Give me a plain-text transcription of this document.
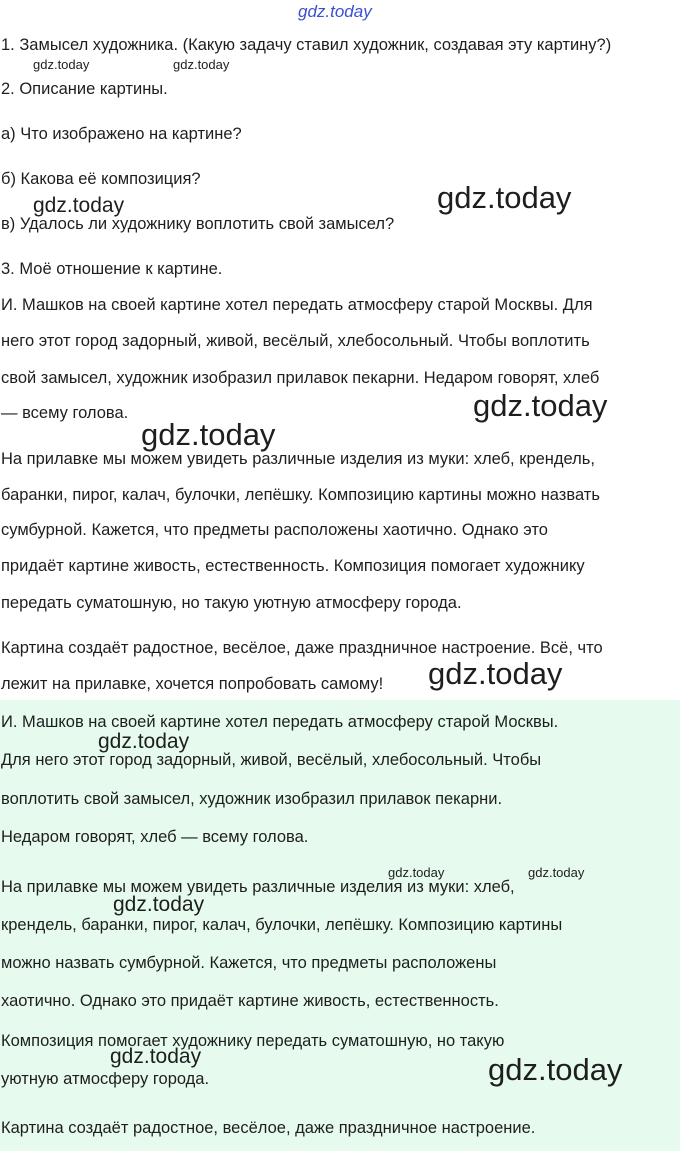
gdz.today
1. Замысел художника. (Какую задачу ставил художник, создавая эту картину?)
2. Описание картины.
а) Что изображено на картине?
б) Какова её композиция?
в) Удалось ли художнику воплотить свой замысел?
3. Моё отношение к картине.
И. Машков на своей картине хотел передать атмосферу старой Москвы. Для
него этот город задорный, живой, весёлый, хлебосольный. Чтобы воплотить
свой замысел, художник изобразил прилавок пекарни. Недаром говорят, хлеб
— всему голова.
На прилавке мы можем увидеть различные изделия из муки: хлеб, крендель,
баранки, пирог, калач, булочки, лепёшку. Композицию картины можно назвать
сумбурной. Кажется, что предметы расположены хаотично. Однако это
придаёт картине живость, естественность. Композиция помогает художнику
передать суматошную, но такую уютную атмосферу города.
Картина создаёт радостное, весёлое, даже праздничное настроение. Всё, что
лежит на прилавке, хочется попробовать самому!
И. Машков на своей картине хотел передать атмосферу старой Москвы.
Для него этот город задорный, живой, весёлый, хлебосольный. Чтобы
воплотить свой замысел, художник изобразил прилавок пекарни.
Недаром говорят, хлеб — всему голова.
На прилавке мы можем увидеть различные изделия из муки: хлеб,
крендель, баранки, пирог, калач, булочки, лепёшку. Композицию картины
можно назвать сумбурной. Кажется, что предметы расположены
хаотично. Однако это придаёт картине живость, естественность.
Композиция помогает художнику передать суматошную, но такую
уютную атмосферу города.
Картина создаёт радостное, весёлое, даже праздничное настроение.
gdz.today	gdz.today
gdz.today	gdz.today
gdz.today
gdz.today
gdz.today
gdz.today
gdz.today	gdz.today
gdz.today
gdz.today	gdz.today
